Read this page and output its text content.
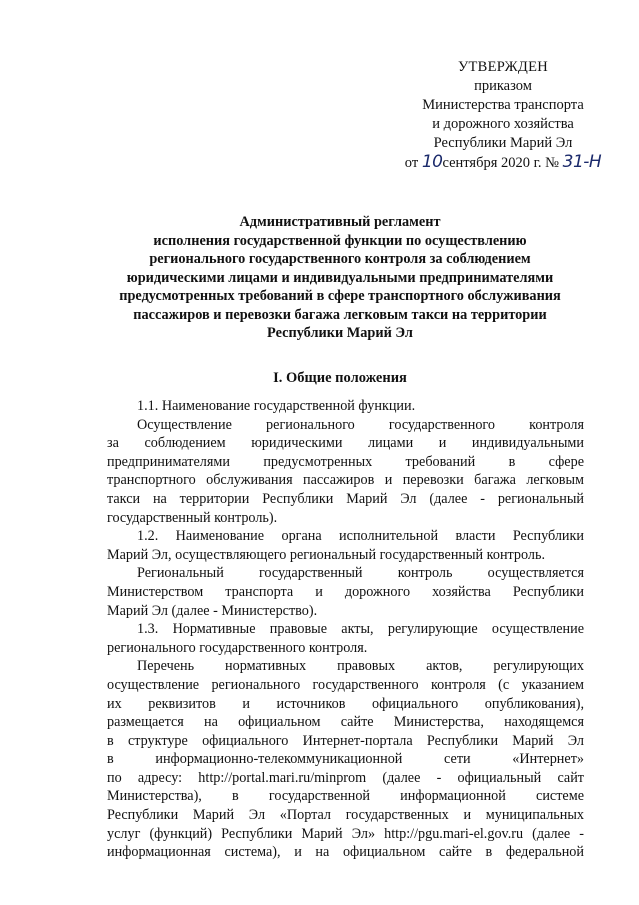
УТВЕРЖДЕН
приказом
Министерства транспорта
и дорожного хозяйства
Республики Марий Эл
от 10сентября 2020 г. № 31-Н
Административный регламент
исполнения государственной функции по осуществлению
регионального государственного контроля за соблюдением
юридическими лицами и индивидуальными предпринимателями
предусмотренных требований в сфере транспортного обслуживания
пассажиров и перевозки багажа легковым такси на территории
Республики Марий Эл
I. Общие положения
1.1. Наименование государственной функции.
Осуществление регионального государственного контроля
за соблюдением юридическими лицами и индивидуальными
предпринимателями предусмотренных требований в сфере
транспортного обслуживания пассажиров и перевозки багажа легковым
такси на территории Республики Марий Эл (далее - региональный
государственный контроль).
1.2. Наименование органа исполнительной власти Республики
Марий Эл, осуществляющего региональный государственный контроль.
Региональный государственный контроль осуществляется
Министерством транспорта и дорожного хозяйства Республики
Марий Эл (далее - Министерство).
1.3. Нормативные правовые акты, регулирующие осуществление
регионального государственного контроля.
Перечень нормативных правовых актов, регулирующих
осуществление регионального государственного контроля (с указанием
их реквизитов и источников официального опубликования),
размещается на официальном сайте Министерства, находящемся
в структуре официального Интернет-портала Республики Марий Эл
в информационно-телекоммуникационной сети «Интернет»
по адресу: http://portal.mari.ru/minprom (далее - официальный сайт
Министерства), в государственной информационной системе
Республики Марий Эл «Портал государственных и муниципальных
услуг (функций) Республики Марий Эл» http://pgu.mari-el.gov.ru (далее -
информационная система), и на официальном сайте в федеральной
